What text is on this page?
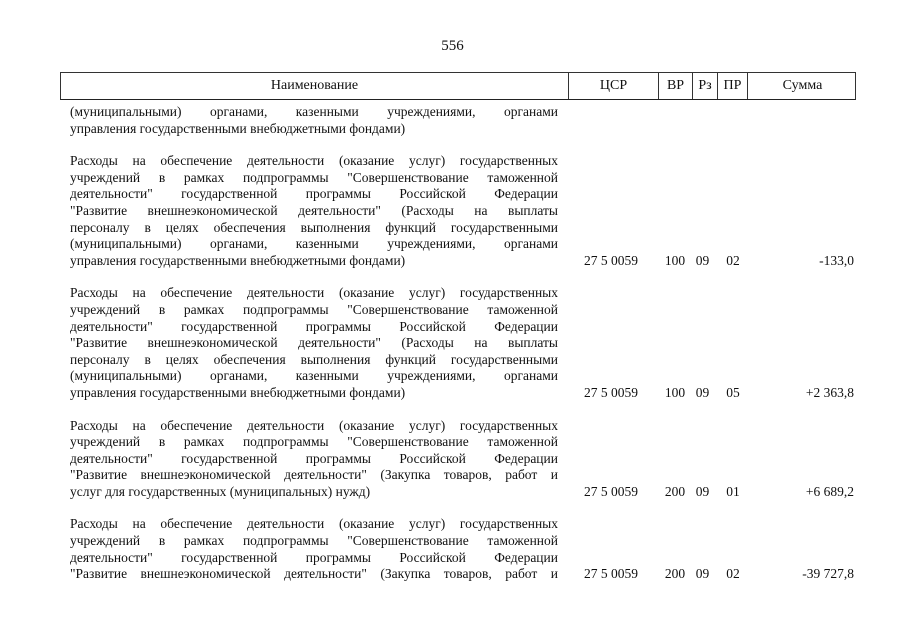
556
Наименование	ЦСР	ВР	Рз ПР	Сумма
(муниципальными) органами, казенными учреждениями, органами
управления государственными внебюджетными фондами)
Расходы на обеспечение деятельности (оказание услуг) государственных
учреждений в рамках подпрограммы "Совершенствование таможенной
деятельности" государственной программы Российской Федерации
"Развитие внешнеэкономической деятельности" (Расходы на выплаты
персоналу в целях обеспечения выполнения функций государственными
(муниципальными) органами, казенными учреждениями, органами
управления государственными внебюджетными фондами)	27 5 0059	100 09	02	-133,0
Расходы на обеспечение деятельности (оказание услуг) государственных
учреждений в рамках подпрограммы "Совершенствование таможенной
деятельности" государственной программы Российской Федерации
"Развитие внешнеэкономической деятельности" (Расходы на выплаты
персоналу в целях обеспечения выполнения функций государственными
(муниципальными) органами, казенными учреждениями, органами
управления государственными внебюджетными фондами)	27 5 0059	100 09	05	+2 363,8
Расходы на обеспечение деятельности (оказание услуг) государственных
учреждений в рамках подпрограммы "Совершенствование таможенной
деятельности" государственной программы Российской Федерации
"Развитие внешнеэкономической деятельности" (Закупка товаров, работ и
услуг для государственных (муниципальных) нужд)	27 5 0059	200 09	01	+6 689,2
Расходы на обеспечение деятельности (оказание услуг) государственных
учреждений в рамках подпрограммы "Совершенствование таможенной
деятельности" государственной программы Российской Федерации
"Развитие внешнеэкономической деятельности" (Закупка товаров, работ и 27 5 0059	200 09	02	-39 727,8
